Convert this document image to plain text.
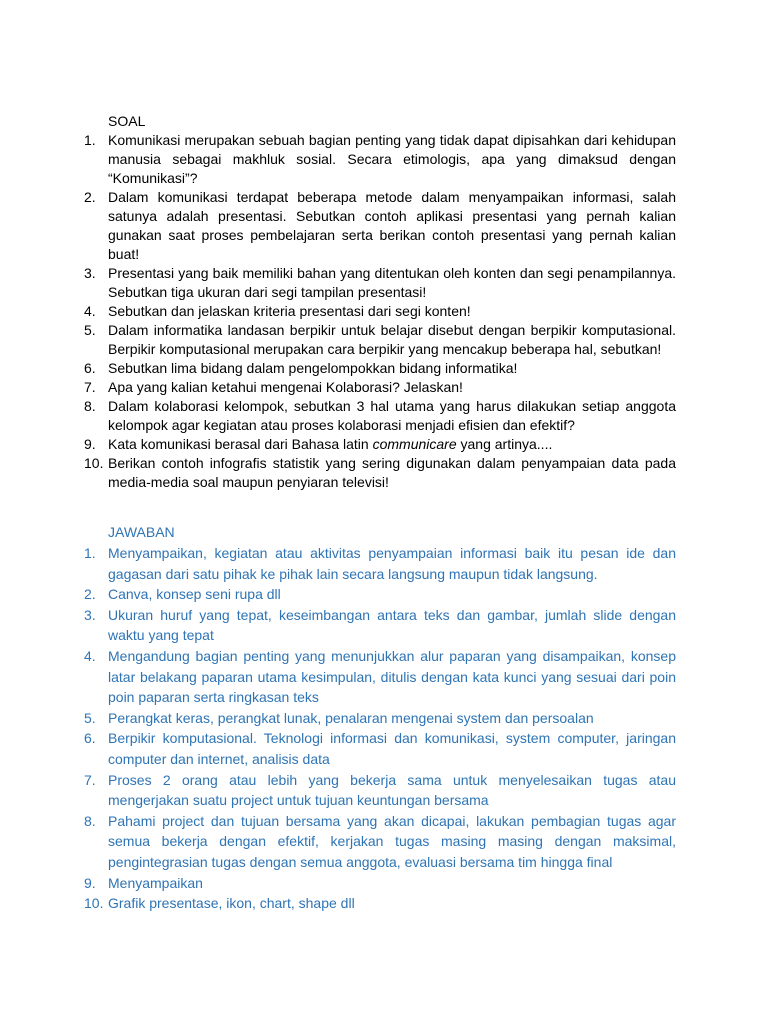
SOAL
1. Komunikasi merupakan sebuah bagian penting yang tidak dapat dipisahkan dari kehidupan manusia sebagai makhluk sosial. Secara etimologis, apa yang dimaksud dengan “Komunikasi”?
2. Dalam komunikasi terdapat beberapa metode dalam menyampaikan informasi, salah satunya adalah presentasi. Sebutkan contoh aplikasi presentasi yang pernah kalian gunakan saat proses pembelajaran serta berikan contoh presentasi yang pernah kalian buat!
3. Presentasi yang baik memiliki bahan yang ditentukan oleh konten dan segi penampilannya. Sebutkan tiga ukuran dari segi tampilan presentasi!
4. Sebutkan dan jelaskan kriteria presentasi dari segi konten!
5. Dalam informatika landasan berpikir untuk belajar disebut dengan berpikir komputasional. Berpikir komputasional merupakan cara berpikir yang mencakup beberapa hal, sebutkan!
6. Sebutkan lima bidang dalam pengelompokkan bidang informatika!
7. Apa yang kalian ketahui mengenai Kolaborasi? Jelaskan!
8. Dalam kolaborasi kelompok, sebutkan 3 hal utama yang harus dilakukan setiap anggota kelompok agar kegiatan atau proses kolaborasi menjadi efisien dan efektif?
9. Kata komunikasi berasal dari Bahasa latin communicare yang artinya....
10. Berikan contoh infografis statistik yang sering digunakan dalam penyampaian data pada media-media soal maupun penyiaran televisi!
JAWABAN
1. Menyampaikan, kegiatan atau aktivitas penyampaian informasi baik itu pesan ide dan gagasan dari satu pihak ke pihak lain secara langsung maupun tidak langsung.
2. Canva, konsep seni rupa dll
3. Ukuran huruf yang tepat, keseimbangan antara teks dan gambar, jumlah slide dengan waktu yang tepat
4. Mengandung bagian penting yang menunjukkan alur paparan yang disampaikan, konsep latar belakang paparan utama kesimpulan, ditulis dengan kata kunci yang sesuai dari poin poin paparan serta ringkasan teks
5. Perangkat keras, perangkat lunak, penalaran mengenai system dan persoalan
6. Berpikir komputasional. Teknologi informasi dan komunikasi, system computer, jaringan computer dan internet, analisis data
7. Proses 2 orang atau lebih yang bekerja sama untuk menyelesaikan tugas atau mengerjakan suatu project untuk tujuan keuntungan bersama
8. Pahami project dan tujuan bersama yang akan dicapai, lakukan pembagian tugas agar semua bekerja dengan efektif, kerjakan tugas masing masing dengan maksimal, pengintegrasian tugas dengan semua anggota, evaluasi bersama tim hingga final
9. Menyampaikan
10. Grafik presentase, ikon, chart, shape dll
